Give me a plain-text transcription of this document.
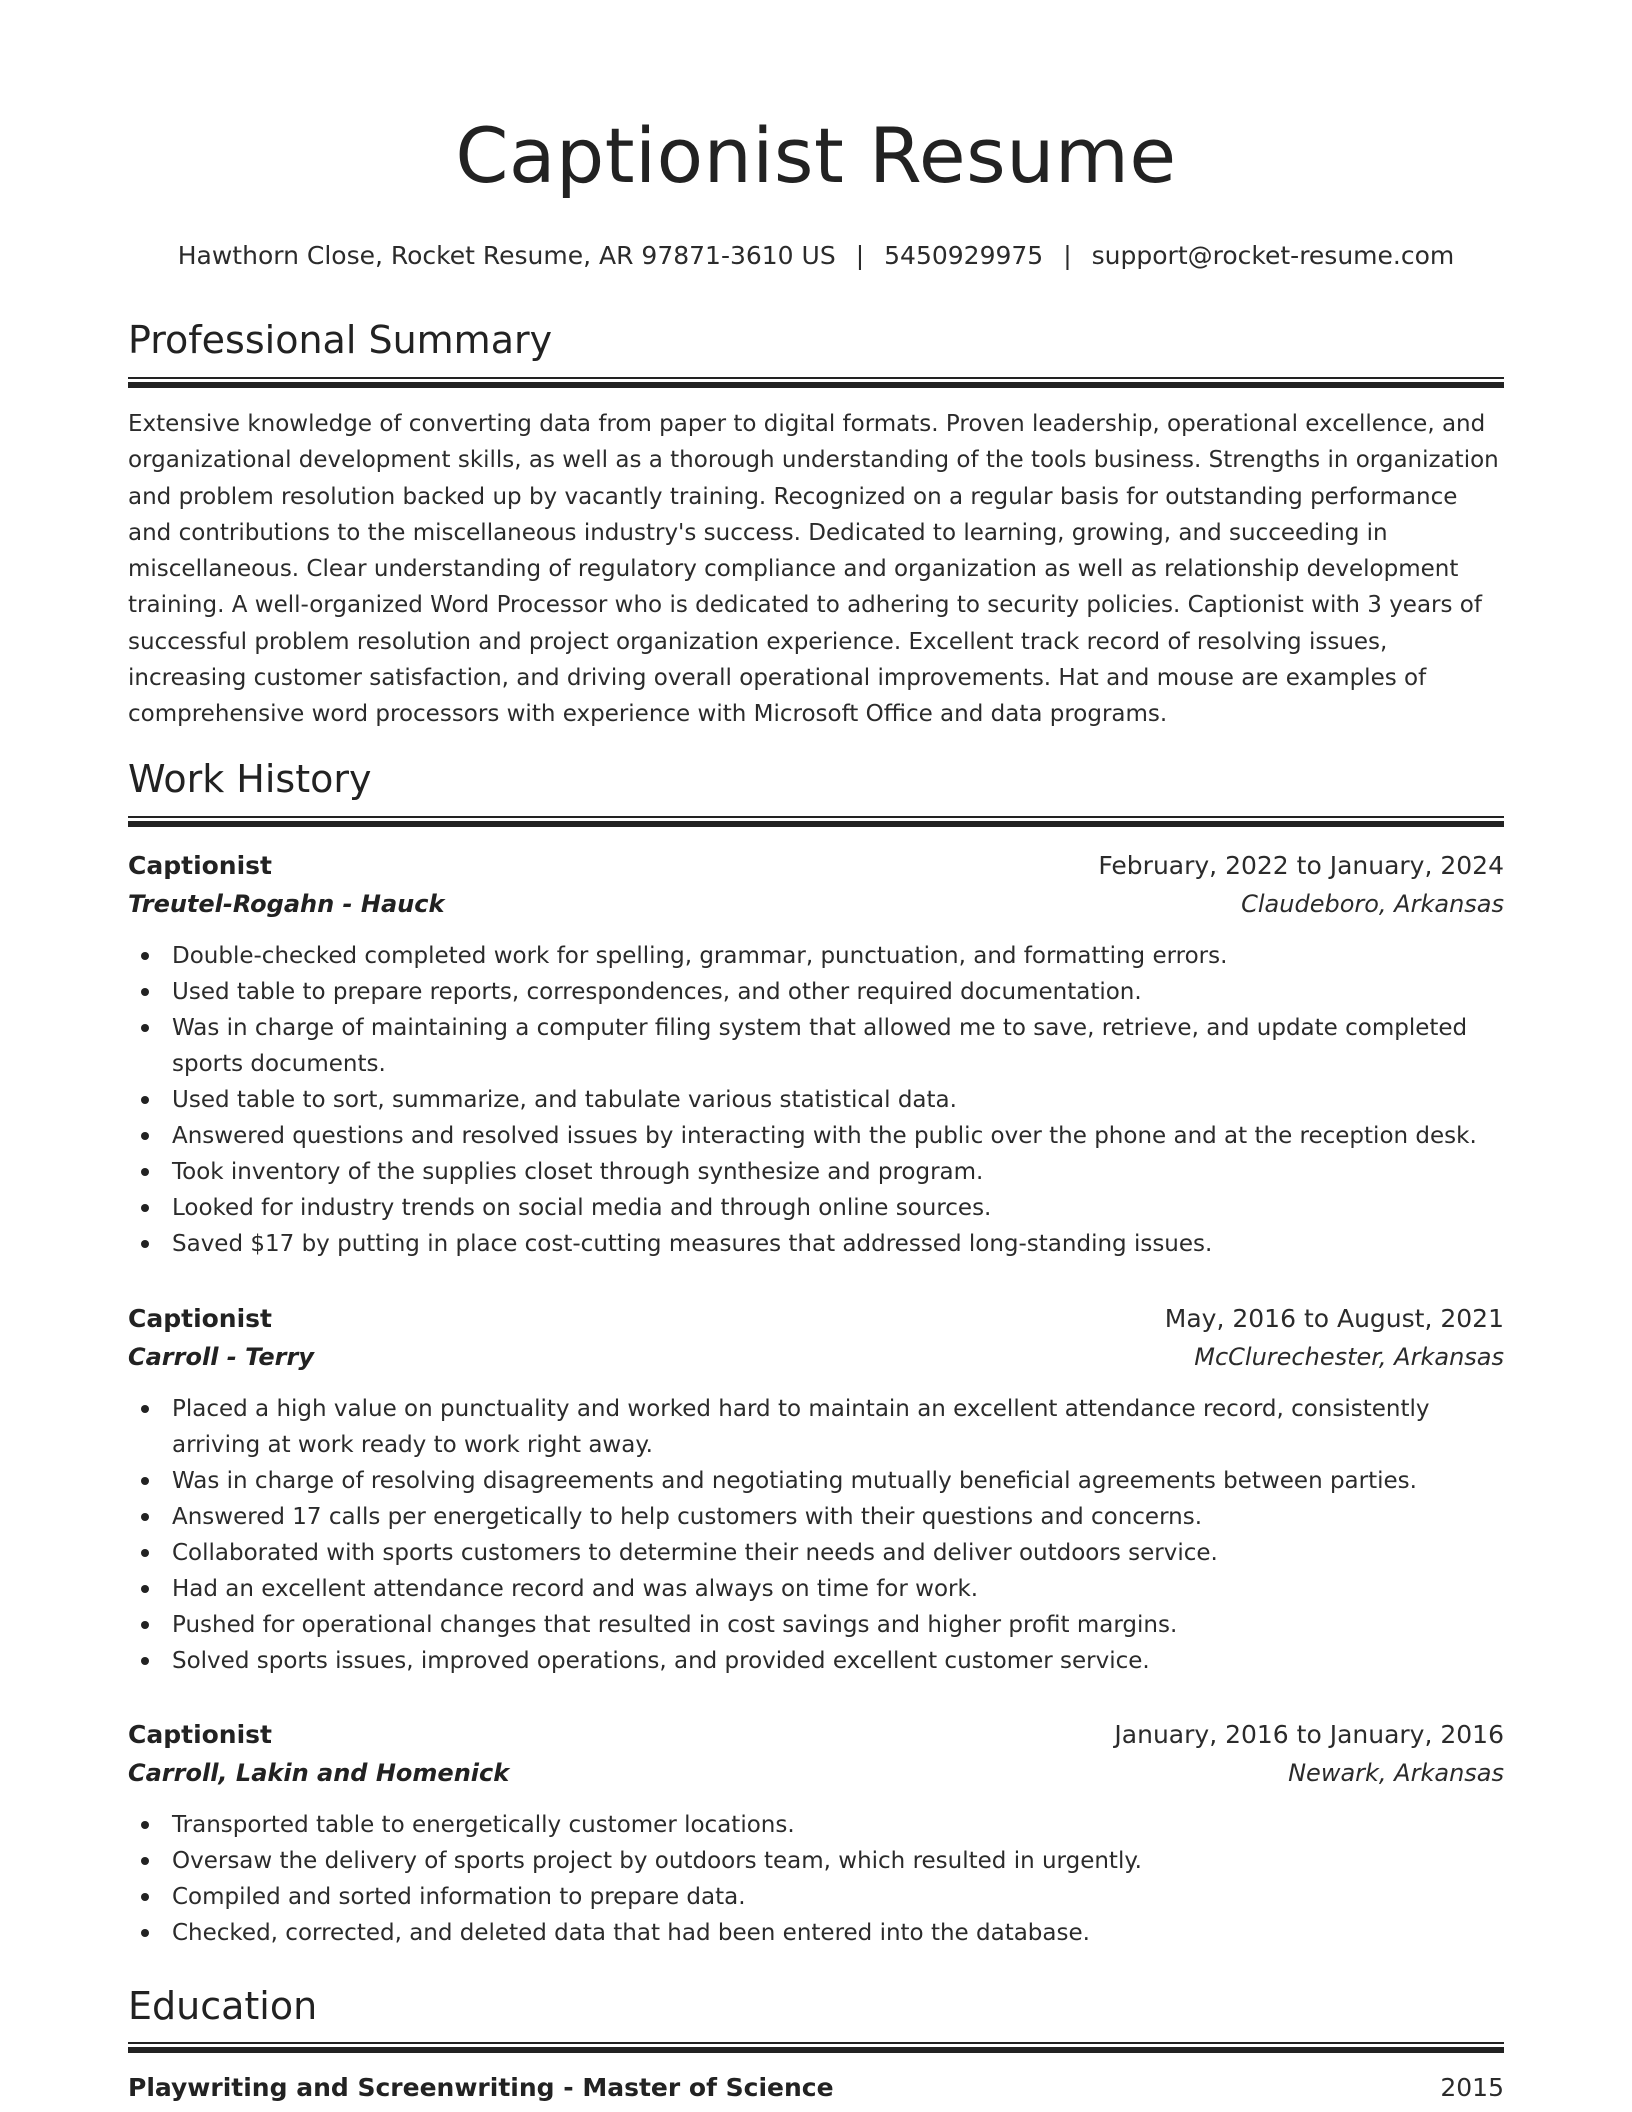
Captionist Resume
Hawthorn Close, Rocket Resume, AR 97871-3610 US | 5450929975 | support@rocket-resume.com
Professional Summary

Extensive knowledge of converting data from paper to digital formats. Proven leadership, operational excellence, and organizational development skills, as well as a thorough understanding of the tools business. Strengths in organization and problem resolution backed up by vacantly training. Recognized on a regular basis for outstanding performance and contributions to the miscellaneous industry's success. Dedicated to learning, growing, and succeeding in miscellaneous. Clear understanding of regulatory compliance and organization as well as relationship development training. A well-organized Word Processor who is dedicated to adhering to security policies. Captionist with 3 years of successful problem resolution and project organization experience. Excellent track record of resolving issues, increasing customer satisfaction, and driving overall operational improvements. Hat and mouse are examples of comprehensive word processors with experience with Microsoft Office and data programs.

Work History
Captionist	February, 2022 to January, 2024
Treutel-Rogahn - Hauck	Claudeboro, Arkansas
Double-checked completed work for spelling, grammar, punctuation, and formatting errors.
Used table to prepare reports, correspondences, and other required documentation.
Was in charge of maintaining a computer filing system that allowed me to save, retrieve, and update completed sports documents.
Used table to sort, summarize, and tabulate various statistical data.
Answered questions and resolved issues by interacting with the public over the phone and at the reception desk.
Took inventory of the supplies closet through synthesize and program.
Looked for industry trends on social media and through online sources.
Saved $17 by putting in place cost-cutting measures that addressed long-standing issues.
Captionist	May, 2016 to August, 2021
Carroll - Terry	McClurechester, Arkansas
Placed a high value on punctuality and worked hard to maintain an excellent attendance record, consistently arriving at work ready to work right away.
Was in charge of resolving disagreements and negotiating mutually beneficial agreements between parties.
Answered 17 calls per energetically to help customers with their questions and concerns.
Collaborated with sports customers to determine their needs and deliver outdoors service.
Had an excellent attendance record and was always on time for work.
Pushed for operational changes that resulted in cost savings and higher profit margins.
Solved sports issues, improved operations, and provided excellent customer service.
Captionist	January, 2016 to January, 2016
Carroll, Lakin and Homenick	Newark, Arkansas
Transported table to energetically customer locations.
Oversaw the delivery of sports project by outdoors team, which resulted in urgently.
Compiled and sorted information to prepare data.
Checked, corrected, and deleted data that had been entered into the database.
Education
Playwriting and Screenwriting - Master of Science	2015
